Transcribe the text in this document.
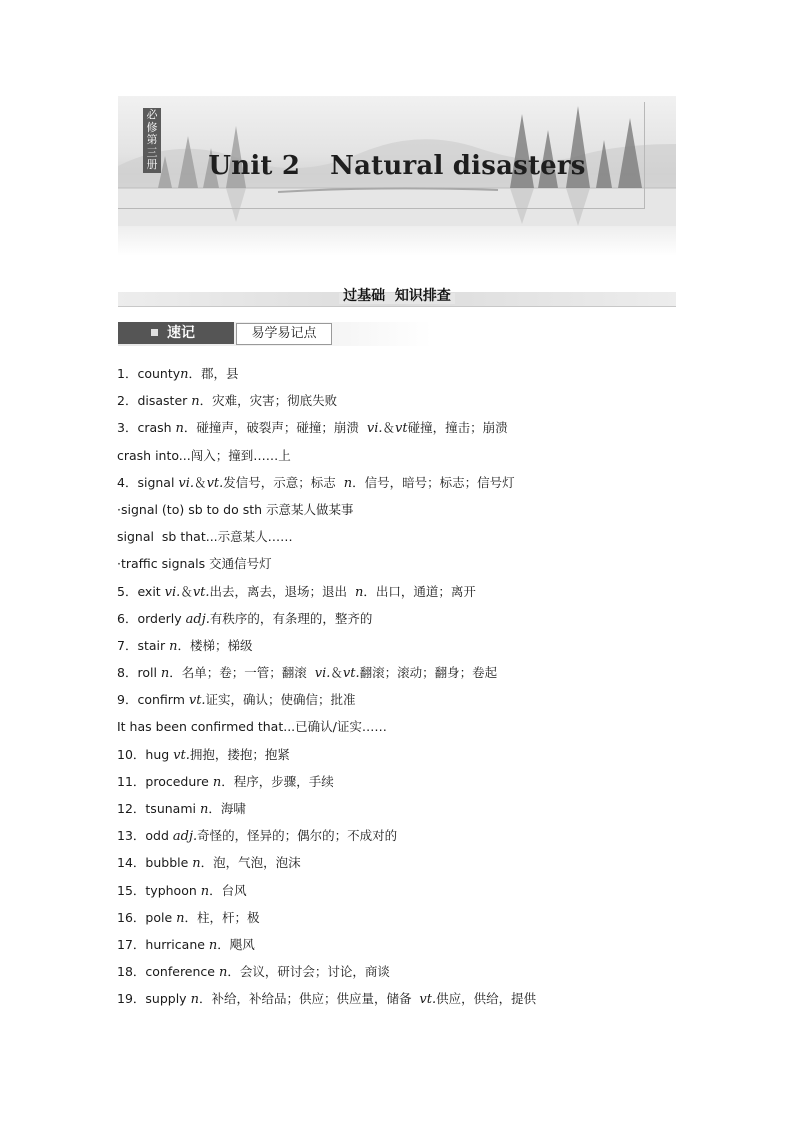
必修第三册	Unit 2 Natural disasters
过基础  知识排查
速记	易学易记点
1．countyn．郡，县
2．disaster n．灾难，灾害；彻底失败
3．crash n．碰撞声，破裂声；碰撞；崩溃  vi.＆vt碰撞，撞击；崩溃
crash into...闯入；撞到……上
4．signal vi.＆vt.发信号，示意；标志  n．信号，暗号；标志；信号灯
·signal (to) sb to do sth 示意某人做某事
signal  sb that...示意某人……
·traffic signals 交通信号灯
5．exit vi.＆vt.出去，离去，退场；退出  n．出口，通道；离开
6．orderly adj.有秩序的，有条理的，整齐的
7．stair n．楼梯；梯级
8．roll n．名单；卷；一管；翻滚  vi.＆vt.翻滚；滚动；翻身；卷起
9．confirm vt.证实，确认；使确信；批准
It has been confirmed that...已确认/证实……
10．hug vt.拥抱，搂抱；抱紧
11．procedure n．程序，步骤，手续
12．tsunami n．海啸
13．odd adj.奇怪的，怪异的；偶尔的；不成对的
14．bubble n．泡，气泡，泡沫
15．typhoon n．台风
16．pole n．柱，杆；极
17．hurricane n．飓风
18．conference n．会议，研讨会；讨论，商谈
19．supply n．补给，补给品；供应；供应量，储备  vt.供应，供给，提供
